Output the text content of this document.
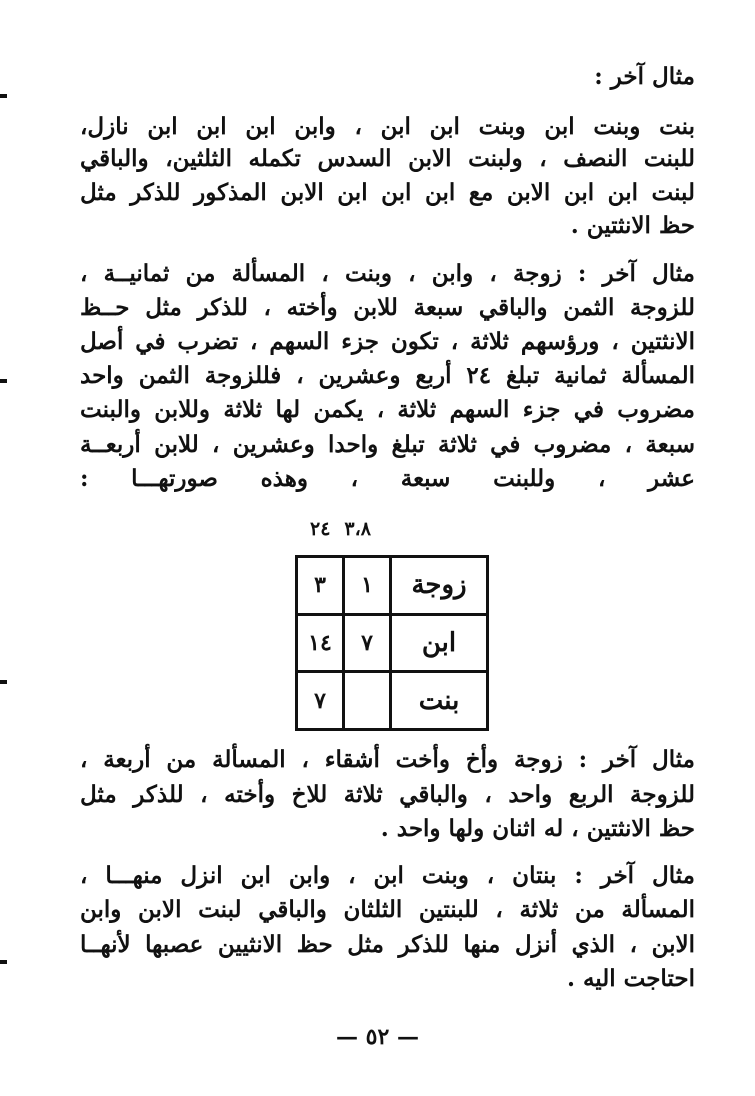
مثال آخر :
بنت وبنت ابن وبنت ابن ابن ، وابن ابن ابن ابن نازل،
للبنت النصف ، ولبنت الابن السدس تكمله الثلثين، والباقي
لبنت ابن ابن الابن مع ابن ابن ابن الابن المذكور للذكر مثل
حظ الانثتين .
مثال آخر : زوجة ، وابن ، وبنت ، المسألة من ثمانيــة ،
للزوجة الثمن والباقي سبعة للابن وأخته ، للذكر مثل حــظ
الانثتين ، ورؤسهم ثلاثة ، تكون جزء السهم ، تضرب في أصل
المسألة ثمانية تبلغ ٢٤ أربع وعشرين ، فللزوجة الثمن واحد
مضروب في جزء السهم ثلاثة ، يكمن لها ثلاثة وللابن والبنت
سبعة ، مضروب في ثلاثة تبلغ واحدا وعشرين ، للابن أربعــة
عشر ، وللبنت سبعة ، وهذه صورتهـــا :
٢٤ ٣،٨
زوجة	١	٣
ابن	٧	١٤
بنت		٧
مثال آخر : زوجة وأخ وأخت أشقاء ، المسألة من أربعة ،
للزوجة الربع واحد ، والباقي ثلاثة للاخ وأخته ، للذكر مثل
حظ الانثتين ، له اثنان ولها واحد .
مثال آخر : بنتان ، وبنت ابن ، وابن ابن انزل منهـــا ،
المسألة من ثلاثة ، للبنتين الثلثان والباقي لبنت الابن وابن
الابن ، الذي أنزل منها للذكر مثل حظ الانثيين عصبها لأنهــا
احتاجت اليه .
— ٥٢ —
